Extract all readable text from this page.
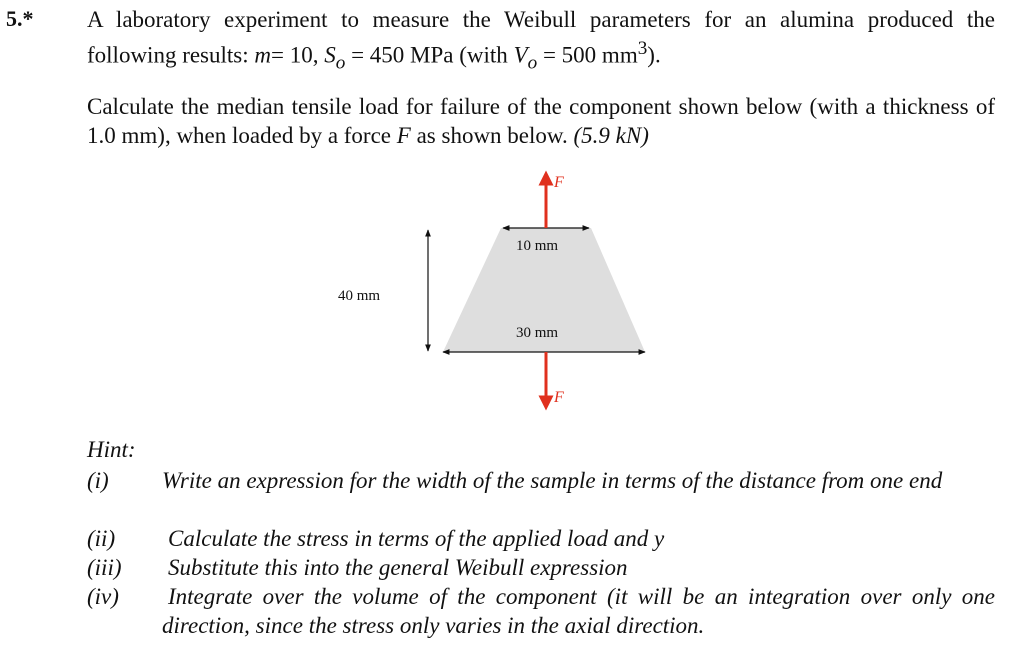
5.* A laboratory experiment to measure the Weibull parameters for an alumina produced the following results: m= 10, $S_o = 450$ MPa (with $V_o = 500$ $mm^3$).
Calculate the median tensile load for failure of the component shown below (with a thickness of 1.0 mm), when loaded by a force F as shown below. (5.9 kN)
F
F
10 mm
30 mm
40 mm
Hint:
(i) Write an expression for the width of the sample in terms of the distance from one end
(ii) Calculate the stress in terms of the applied load and y
(iii) Substitute this into the general Weibull expression
(iv) Integrate over the volume of the component (it will be an integration over only one direction, since the stress only varies in the axial direction.
